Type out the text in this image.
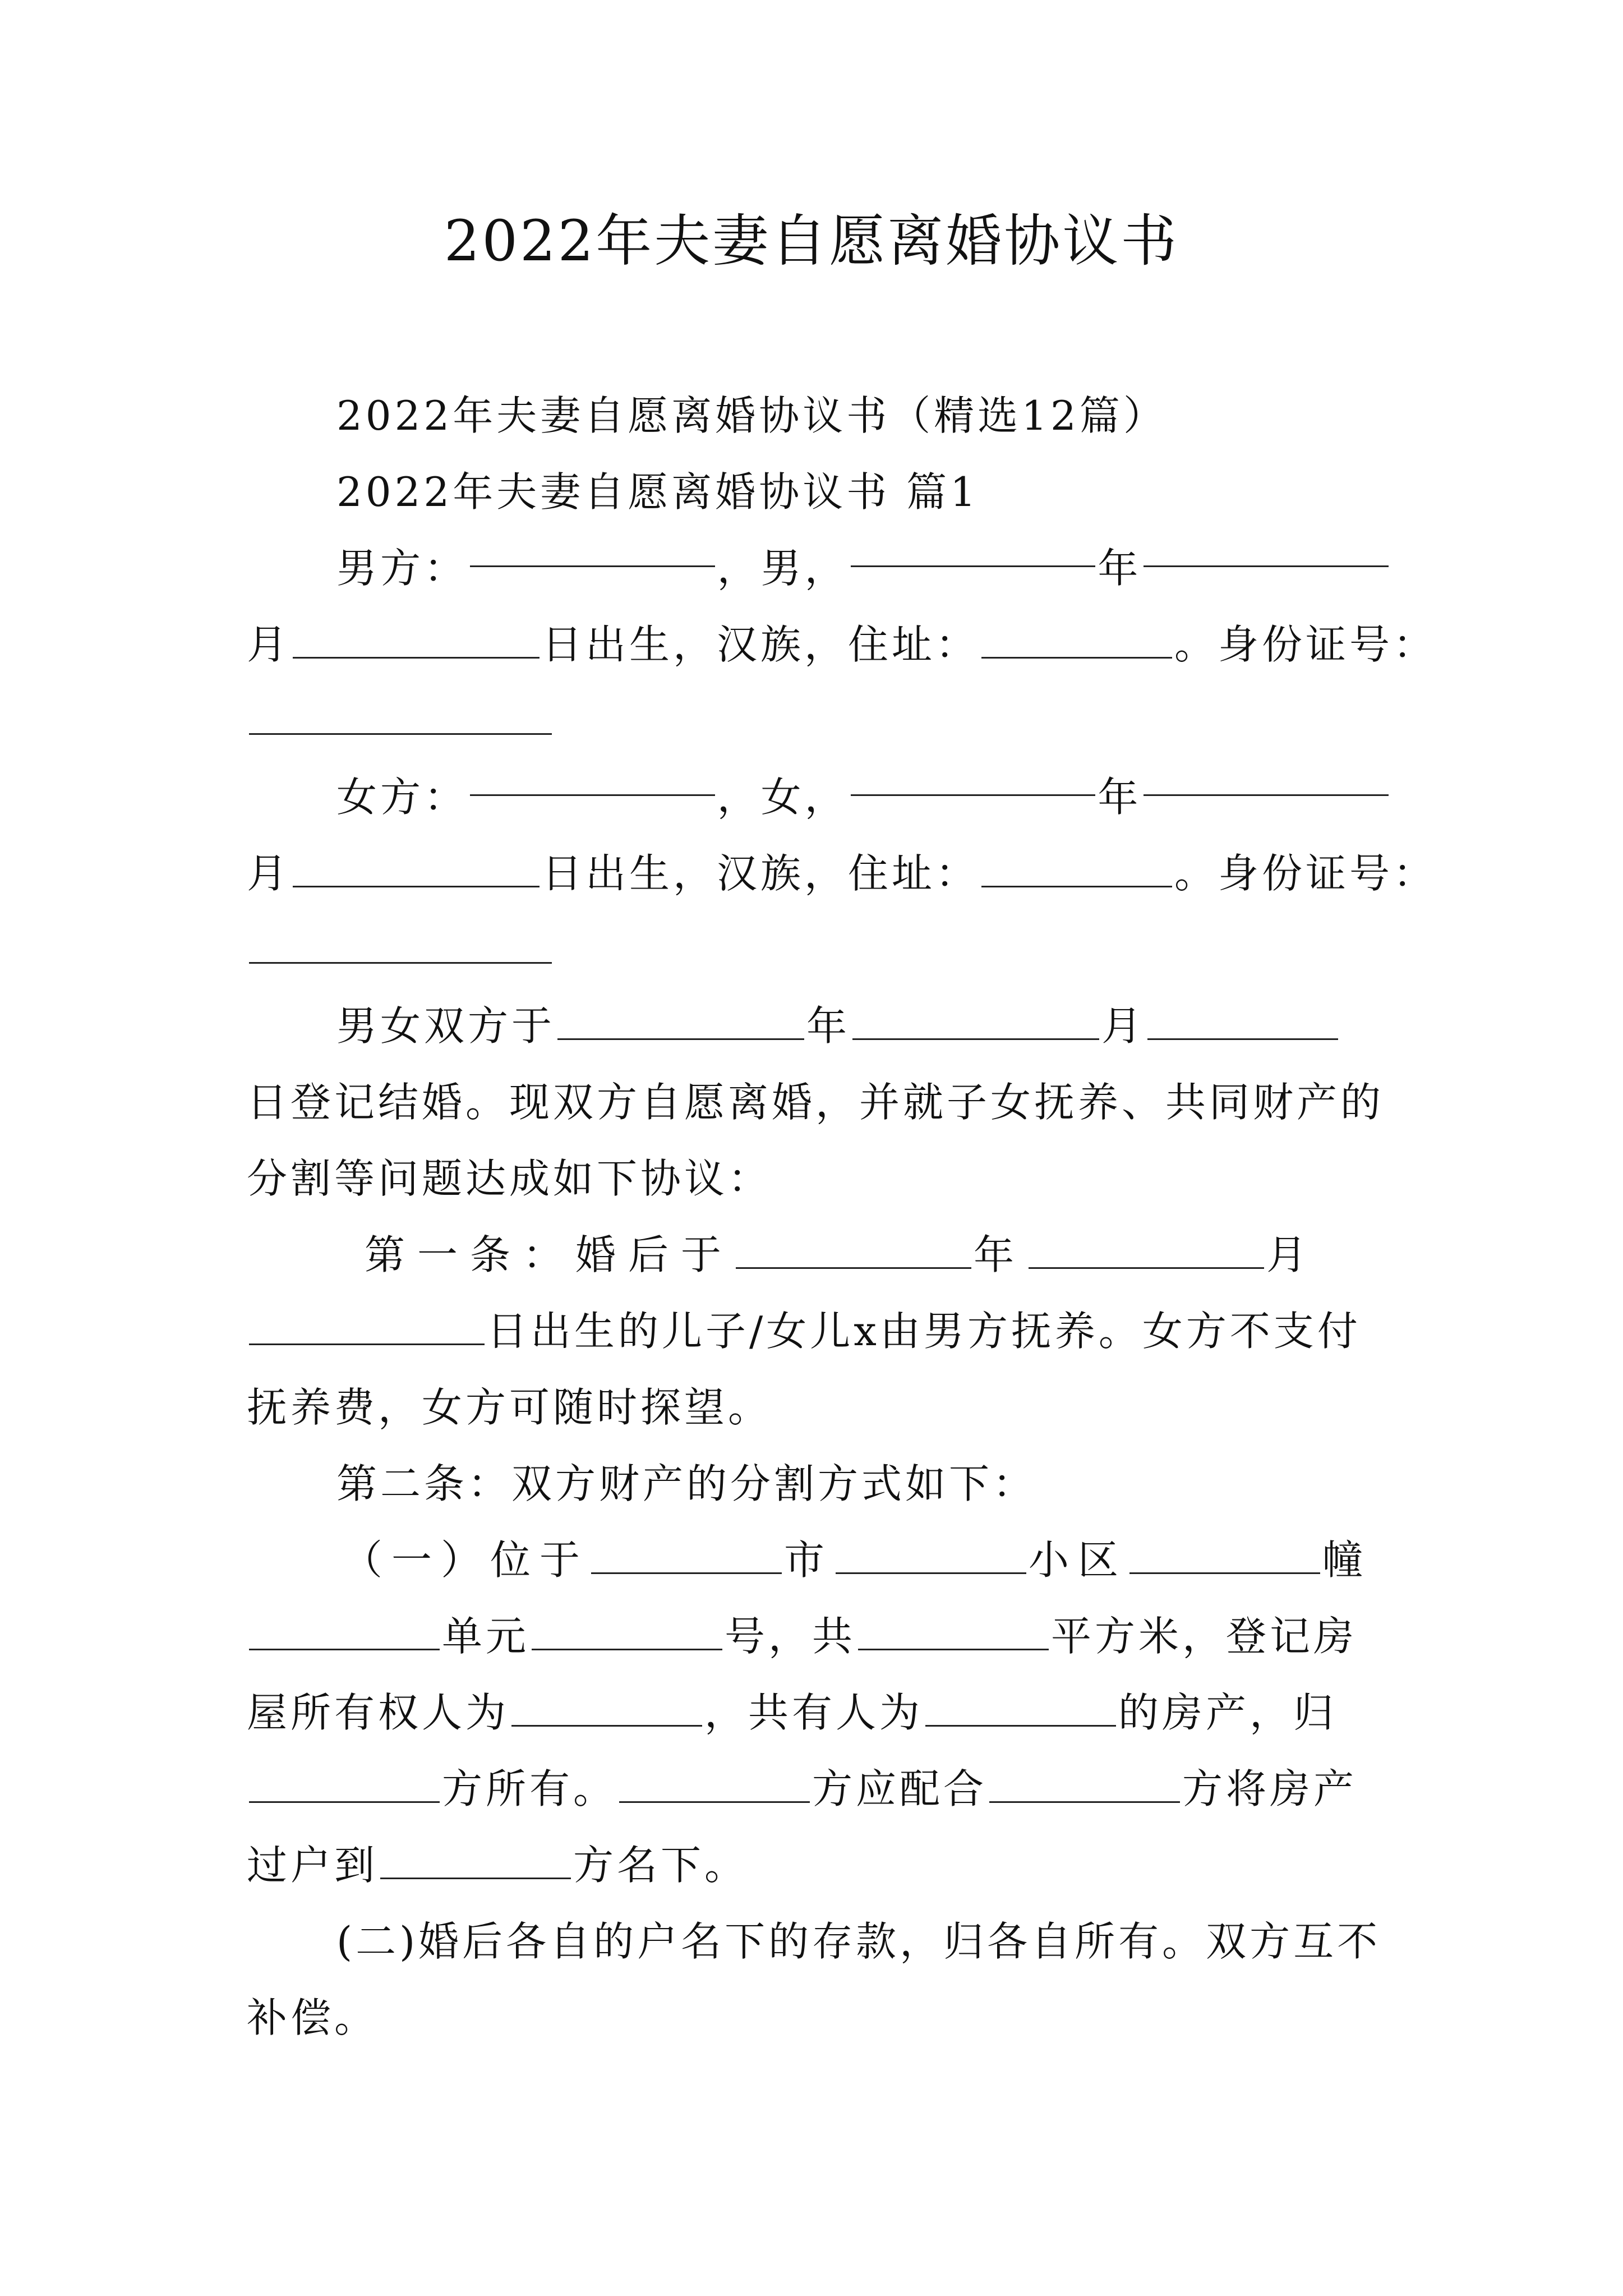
2022年夫妻自愿离婚协议书
2022年夫妻自愿离婚协议书（精选12篇）
2022年夫妻自愿离婚协议书 篇1
男方：	，男，	年
月	日出生，汉族，住址：	。身份证号：
女方：	，女，	年
月	日出生，汉族，住址：	。身份证号：
男女双方于	年	月
日登记结婚。现双方自愿离婚，并就子女抚养、共同财产的
分割等问题达成如下协议：
第一条：婚后于	年	月
日出生的儿子/女儿x由男方抚养。女方不支付
抚养费，女方可随时探望。
第二条：双方财产的分割方式如下：
（一）位于	市	小区	幢
单元	号，共	平方米，登记房
屋所有权人为	，共有人为	的房产，归
方所有。	方应配合	方将房产
过户到	方名下。
(二)婚后各自的户名下的存款，归各自所有。双方互不
补偿。
